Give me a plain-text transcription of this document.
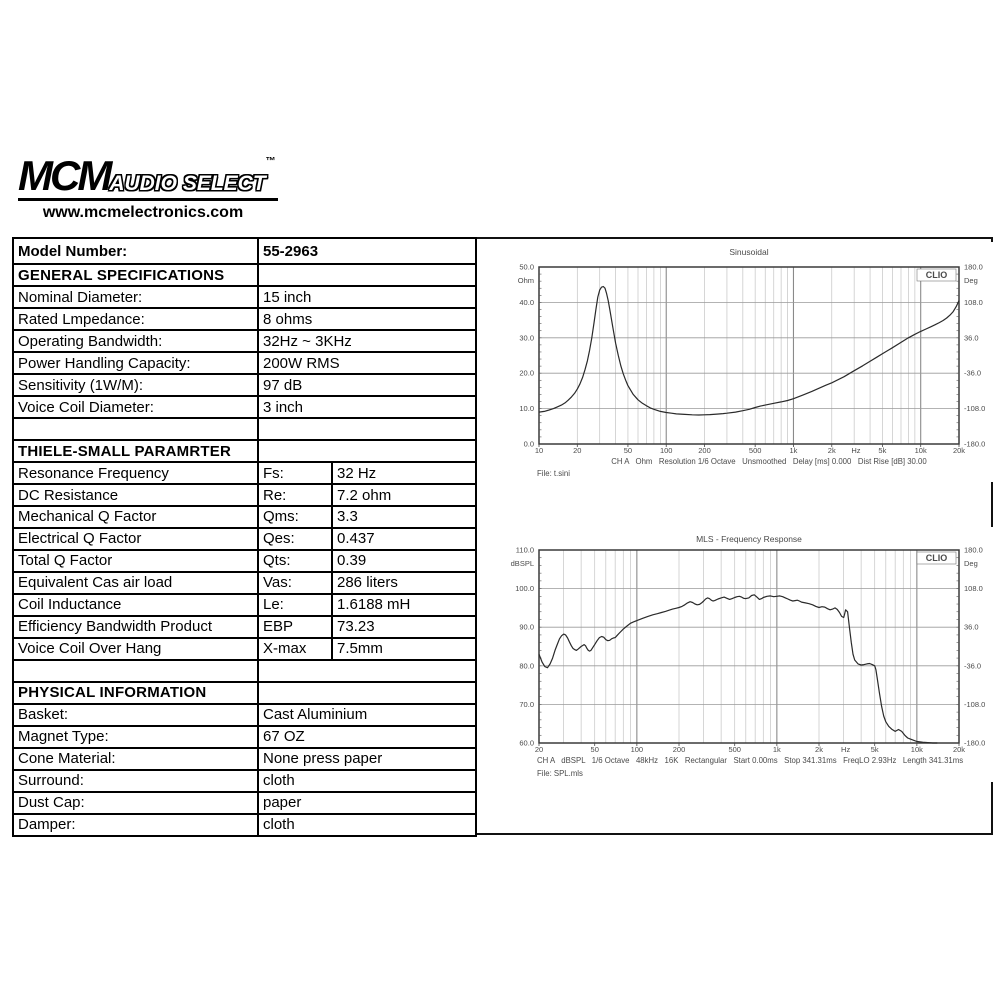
MCMAUDIO SELECT™
www.mcmelectronics.com
Model Number:	55-2963	
GENERAL SPECIFICATIONS		
Nominal Diameter:	15 inch	
Rated Lmpedance:	8 ohms	
Operating Bandwidth:	32Hz ~ 3KHz	
Power Handling Capacity:	200W RMS	
Sensitivity (1W/M):	97 dB	
Voice Coil Diameter:	3 inch	

THIELE-SMALL PARAMRTER		
Resonance Frequency	Fs:	32 Hz
DC Resistance	Re:	7.2 ohm
Mechanical Q Factor	Qms:	3.3
Electrical Q Factor	Qes:	0.437
Total Q Factor	Qts:	0.39
Equivalent Cas air load	Vas:	286 liters
Coil Inductance	Le:	1.6188 mH
Efficiency Bandwidth Product	EBP	73.23
Voice Coil Over Hang	X-max	7.5mm

PHYSICAL INFORMATION		
Basket:	Cast Aluminium	
Magnet Type:	67 OZ	
Cone Material:	None press paper	
Surround:	cloth	
Dust Cap:	paper	
Damper:	cloth	
Sinusoidal
CLIO
50.0
40.0
30.0
20.0
10.0
0.0
Ohm
180.0
108.0
36.0
-36.0
-108.0
-180.0
Deg
10	20	50	100	200	500	1k	2k Hz 5k	10k	20k
CH A   Ohm   Resolution 1/6 Octave   Unsmoothed   Delay [ms] 0.000   Dist Rise [dB] 30.00
File: t.sini
MLS - Frequency Response
CLIO
110.0
100.0
90.0
80.0
70.0
60.0
dBSPL
180.0
108.0
36.0
-36.0
-108.0
-180.0
Deg
20	50	100	200	500	1k	2k Hz	5k	10k	20k
CH A   dBSPL   1/6 Octave   48kHz   16K   Rectangular   Start 0.00ms   Stop 341.31ms   FreqLO 2.93Hz   Length 341.31ms
File: SPL.mls
